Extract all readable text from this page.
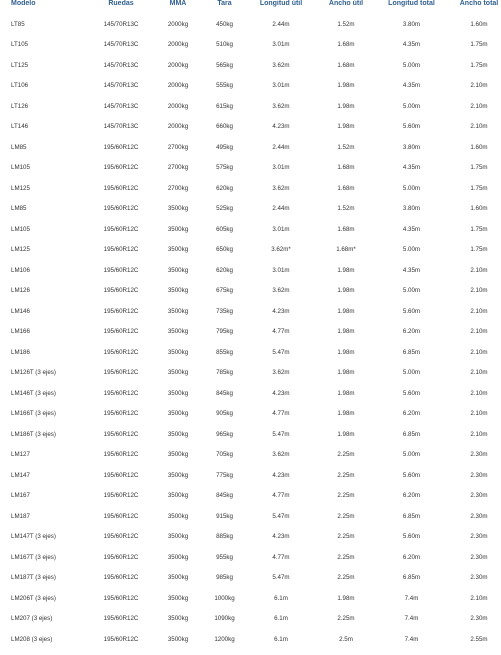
Modelo	Ruedas	MMA	Tara	Longitud útil	Ancho útil	Longitud total	Ancho total
LT85	145/70R13C	2000kg	450kg	2.44m	1.52m	3.80m	1.60m
LT105	145/70R13C	2000kg	510kg	3.01m	1.68m	4.35m	1.75m
LT125	145/70R13C	2000kg	565kg	3.62m	1.68m	5.00m	1.75m
LT106	145/70R13C	2000kg	555kg	3.01m	1.98m	4.35m	2.10m
LT126	145/70R13C	2000kg	615kg	3.62m	1.98m	5.00m	2.10m
LT146	145/70R13C	2000kg	660kg	4.23m	1.98m	5.60m	2.10m
LM85	195/60R12C	2700kg	495kg	2.44m	1.52m	3.80m	1.60m
LM105	195/60R12C	2700kg	575kg	3.01m	1.68m	4.35m	1.75m
LM125	195/60R12C	2700kg	620kg	3.62m	1.68m	5.00m	1.75m
LM85	195/60R12C	3500kg	525kg	2.44m	1.52m	3.80m	1.60m
LM105	195/60R12C	3500kg	605kg	3.01m	1.68m	4.35m	1.75m
LM125	195/60R12C	3500kg	650kg	3.62m*	1.68m*	5.00m	1.75m
LM106	195/60R12C	3500kg	620kg	3.01m	1.98m	4.35m	2.10m
LM126	195/60R12C	3500kg	675kg	3.62m	1.98m	5.00m	2.10m
LM146	195/60R12C	3500kg	735kg	4.23m	1.98m	5.60m	2.10m
LM166	195/60R12C	3500kg	795kg	4.77m	1.98m	6.20m	2.10m
LM186	195/60R12C	3500kg	855kg	5.47m	1.98m	6.85m	2.10m
LM126T (3 ejes)	195/60R12C	3500kg	785kg	3.62m	1.98m	5.00m	2.10m
LM146T (3 ejes)	195/60R12C	3500kg	845kg	4.23m	1.98m	5.60m	2.10m
LM166T (3 ejes)	195/60R12C	3500kg	905kg	4.77m	1.98m	6.20m	2.10m
LM186T (3 ejes)	195/60R12C	3500kg	965kg	5.47m	1.98m	6.85m	2.10m
LM127	195/60R12C	3500kg	705kg	3.62m	2.25m	5.00m	2.30m
LM147	195/60R12C	3500kg	775kg	4.23m	2.25m	5.60m	2.30m
LM167	195/60R12C	3500kg	845kg	4.77m	2.25m	6.20m	2.30m
LM187	195/60R12C	3500kg	915kg	5.47m	2.25m	6.85m	2.30m
LM147T (3 ejes)	195/60R12C	3500kg	885kg	4.23m	2.25m	5.60m	2.30m
LM167T (3 ejes)	195/60R12C	3500kg	955kg	4.77m	2.25m	6.20m	2.30m
LM187T (3 ejes)	195/60R12C	3500kg	985kg	5.47m	2.25m	6.85m	2.30m
LM206T (3 ejes)	195/60R12C	3500kg	1000kg	6.1m	1.98m	7.4m	2.10m
LM207 (3 ejes)	195/60R12C	3500kg	1090kg	6.1m	2.25m	7.4m	2.30m
LM208 (3 ejes)	195/60R12C	3500kg	1200kg	6.1m	2.5m	7.4m	2.55m
